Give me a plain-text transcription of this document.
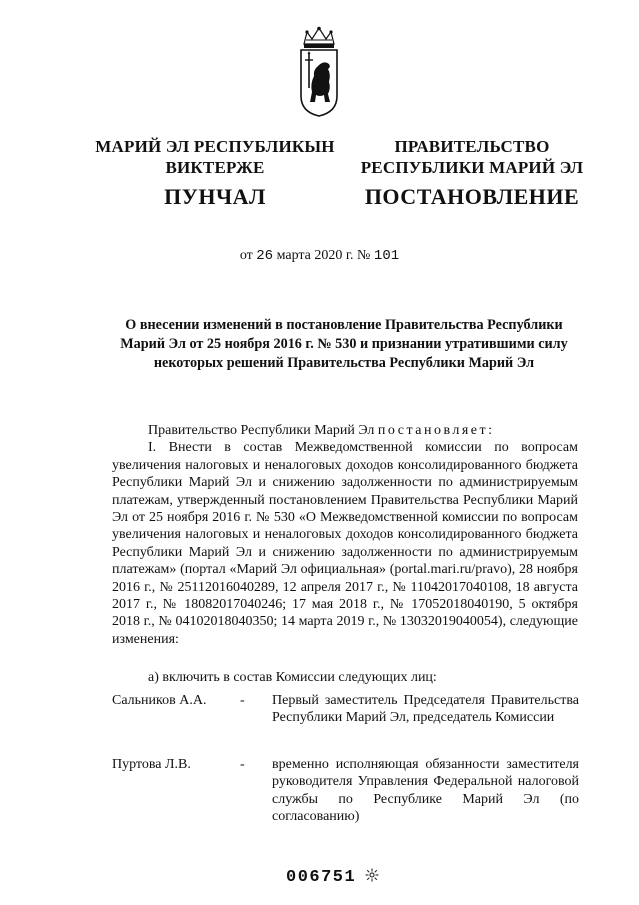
МАРИЙ ЭЛ РЕСПУБЛИКЫН
ВИКТЕРЖЕ
ПУНЧАЛ
ПРАВИТЕЛЬСТВО
РЕСПУБЛИКИ МАРИЙ ЭЛ
ПОСТАНОВЛЕНИЕ
от 26 марта 2020 г. № 101
О внесении изменений в постановление Правительства Республики Марий Эл от 25 ноября 2016 г. № 530 и признании утратившими силу некоторых решений Правительства Республики Марий Эл

Правительство Республики Марий Эл постановляет:

I. Внести в состав Межведомственной комиссии по вопросам увеличения налоговых и неналоговых доходов консолидированного бюджета Республики Марий Эл и снижению задолженности по администрируемым платежам, утвержденный постановлением Правительства Республики Марий Эл от 25 ноября 2016 г. № 530 «О Межведомственной комиссии по вопросам увеличения налоговых и неналоговых доходов консолидированного бюджета Республики Марий Эл и снижению задолженности по администрируемым платежам» (портал «Марий Эл официальная» (portal.mari.ru/pravo), 28 ноября 2016 г., № 25112016040289, 12 апреля 2017 г., № 11042017040108, 18 августа 2017 г., № 18082017040246; 17 мая 2018 г., № 17052018040190, 5 октября 2018 г., № 04102018040350; 14 марта 2019 г., № 13032019040054), следующие изменения:

а) включить в состав Комиссии следующих лиц:
Сальников А.А. - Первый заместитель Председателя Правительства Республики Марий Эл, председатель Комиссии
Пуртова Л.В.	- временно исполняющая обязанности заместителя руководителя Управления Федеральной налоговой службы по Республике Марий Эл (по согласованию)
006751
